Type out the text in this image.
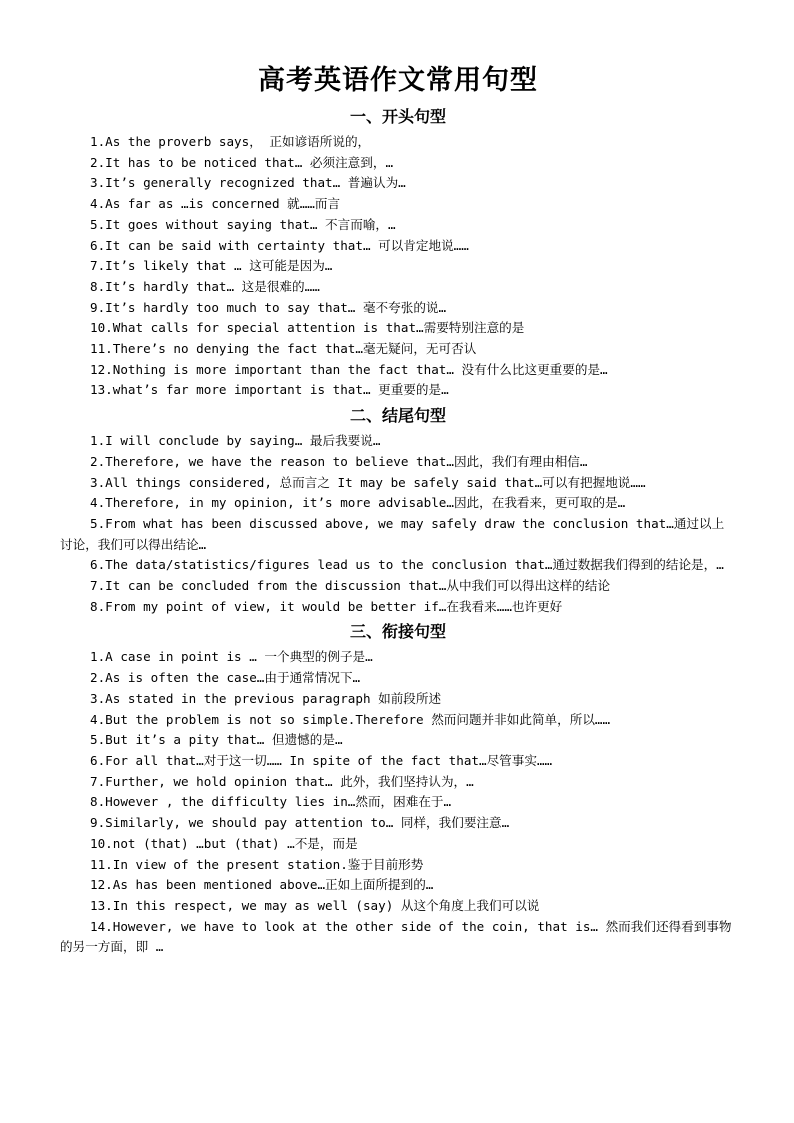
高考英语作文常用句型
一、开头句型
1.As the proverb says， 正如谚语所说的，
2.It has to be noticed that… 必须注意到，…
3.It’s generally recognized that… 普遍认为…
4.As far as …is concerned 就……而言
5.It goes without saying that… 不言而喻，…
6.It can be said with certainty that… 可以肯定地说……
7.It’s likely that … 这可能是因为…
8.It’s hardly that… 这是很难的……
9.It’s hardly too much to say that… 毫不夸张的说…
10.What calls for special attention is that…需要特别注意的是
11.There’s no denying the fact that…毫无疑问，无可否认
12.Nothing is more important than the fact that… 没有什么比这更重要的是…
13.what’s far more important is that… 更重要的是…
二、结尾句型
1.I will conclude by saying… 最后我要说…
2.Therefore, we have the reason to believe that…因此，我们有理由相信…
3.All things considered, 总而言之 It may be safely said that…可以有把握地说……
4.Therefore, in my opinion, it’s more advisable…因此，在我看来，更可取的是…
5.From what has been discussed above, we may safely draw the conclusion that…通过以上讨论，我们可以得出结论…
6.The data/statistics/figures lead us to the conclusion that…通过数据我们得到的结论是，…
7.It can be concluded from the discussion that…从中我们可以得出这样的结论
8.From my point of view, it would be better if…在我看来……也许更好
三、衔接句型
1.A case in point is … 一个典型的例子是…
2.As is often the case…由于通常情况下…
3.As stated in the previous paragraph 如前段所述
4.But the problem is not so simple.Therefore 然而问题并非如此简单，所以……
5.But it’s a pity that… 但遗憾的是…
6.For all that…对于这一切…… In spite of the fact that…尽管事实……
7.Further, we hold opinion that… 此外，我们坚持认为，…
8.However , the difficulty lies in…然而，困难在于…
9.Similarly, we should pay attention to… 同样，我们要注意…
10.not (that) …but (that) …不是，而是
11.In view of the present station.鉴于目前形势
12.As has been mentioned above…正如上面所提到的…
13.In this respect, we may as well (say) 从这个角度上我们可以说
14.However, we have to look at the other side of the coin, that is… 然而我们还得看到事物的另一方面，即 …
